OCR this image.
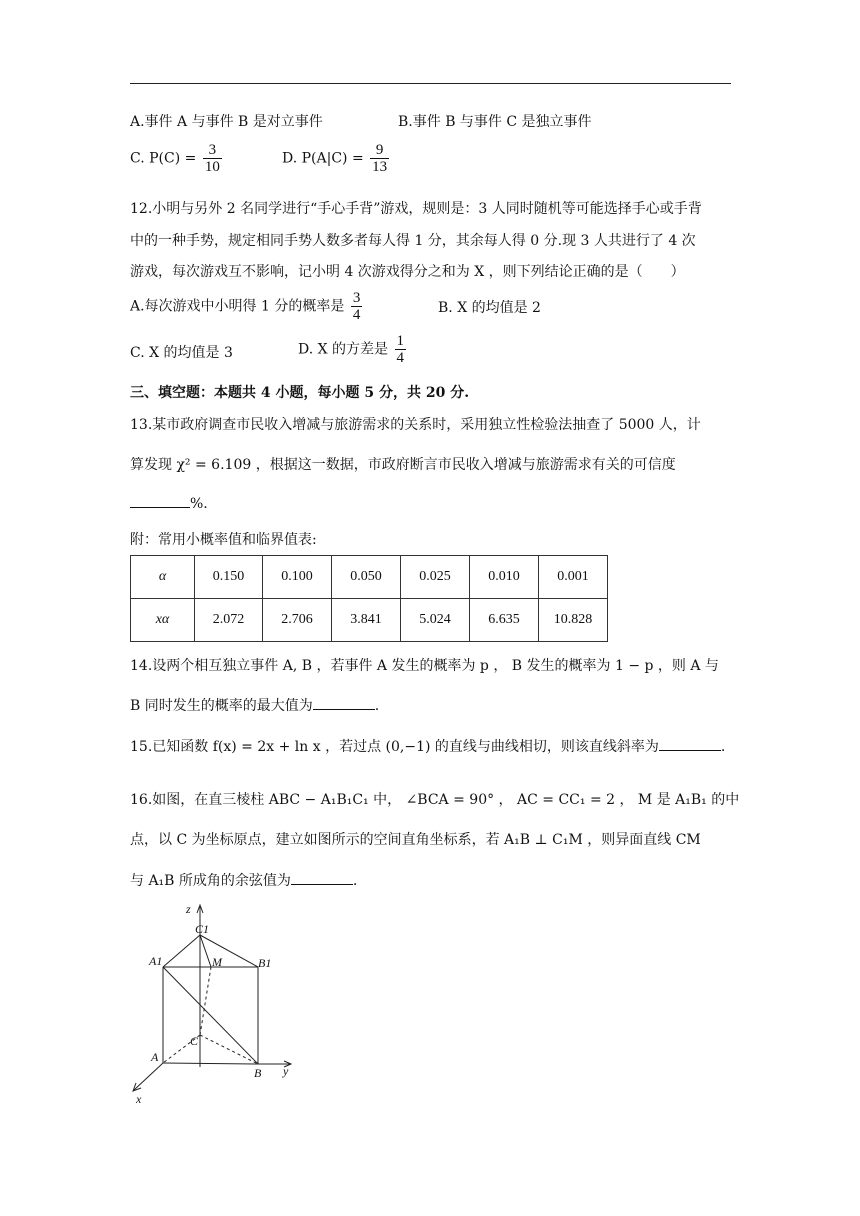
A.事件 A 与事件 B 是对立事件	B.事件 B 与事件 C 是独立事件
C. $P(C) = \frac{3}{10}$	D. $P(A|C) = \frac{9}{13}$
12.小明与另外 2 名同学进行“手心手背”游戏，规则是：3 人同时随机等可能选择手心或手背
中的一种手势，规定相同手势人数多者每人得 1 分，其余每人得 0 分.现 3 人共进行了 4 次
游戏，每次游戏互不影响，记小明 4 次游戏得分之和为 X ，则下列结论正确的是（　　）
A.每次游戏中小明得 1 分的概率是 $\frac{3}{4}$	B. X 的均值是 2
C. X 的均值是 3	D. X 的方差是 $\frac{1}{4}$
三、填空题：本题共 4 小题，每小题 5 分，共 20 分.
13.某市政府调查市民收入增减与旅游需求的关系时，采用独立性检验法抽查了 5000 人，计
算发现 χ² = 6.109 ，根据这一数据，市政府断言市民收入增减与旅游需求有关的可信度
%.
附：常用小概率值和临界值表:
α	0.150	0.100	0.050	0.025	0.010	0.001
xα	2.072	2.706	3.841	5.024	6.635	10.828
14.设两个相互独立事件 A, B ，若事件 A 发生的概率为 p ， B 发生的概率为 1 − p ，则 A 与
B 同时发生的概率的最大值为	.
15.已知函数 f(x) = 2x + ln x ，若过点 (0,−1) 的直线与曲线相切，则该直线斜率为	.
16.如图，在直三棱柱 ABC − A₁B₁C₁ 中， ∠BCA = 90° ， AC = CC₁ = 2 ， M 是 A₁B₁ 的中
点，以 C 为坐标原点，建立如图所示的空间直角坐标系，若 A₁B ⊥ C₁M ，则异面直线 CM
与 A₁B 所成角的余弦值为	.
z
y
x
C1
A1	B1
M
A
B
C
